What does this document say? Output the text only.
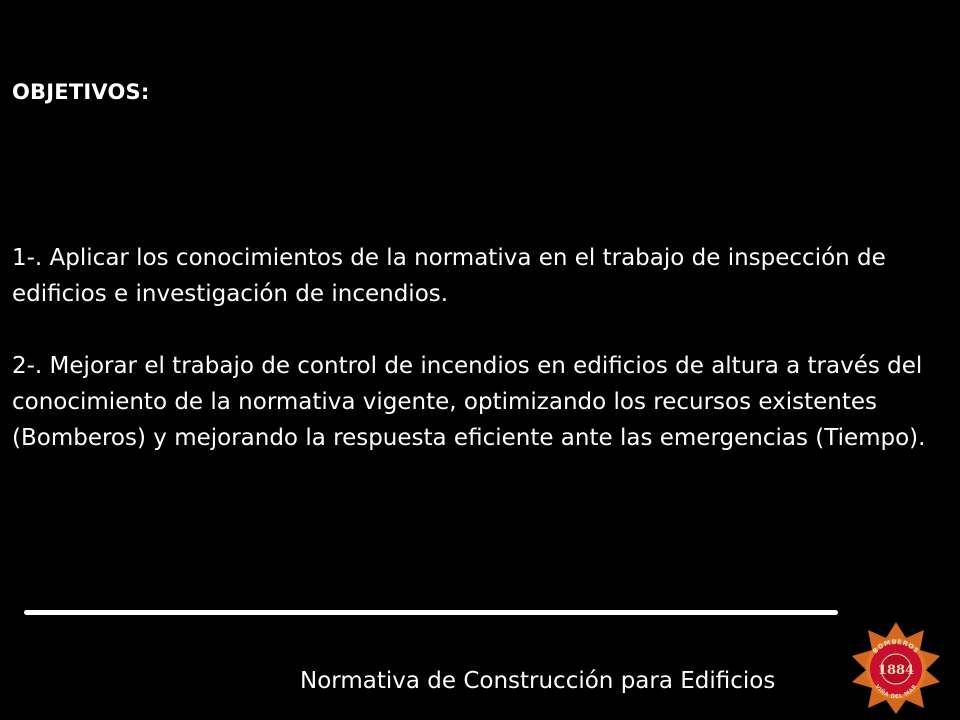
OBJETIVOS:

1-. Aplicar los conocimientos de la normativa en el trabajo de inspección de edificios e investigación de incendios.

2-. Mejorar el trabajo de control de incendios en edificios de altura a través del conocimiento de la normativa vigente, optimizando los recursos existentes (Bomberos) y mejorando la respuesta eficiente ante las emergencias (Tiempo).

Normativa de Construcción para Edificios
BOMBEROS
1884
VIÑA DEL MAR
